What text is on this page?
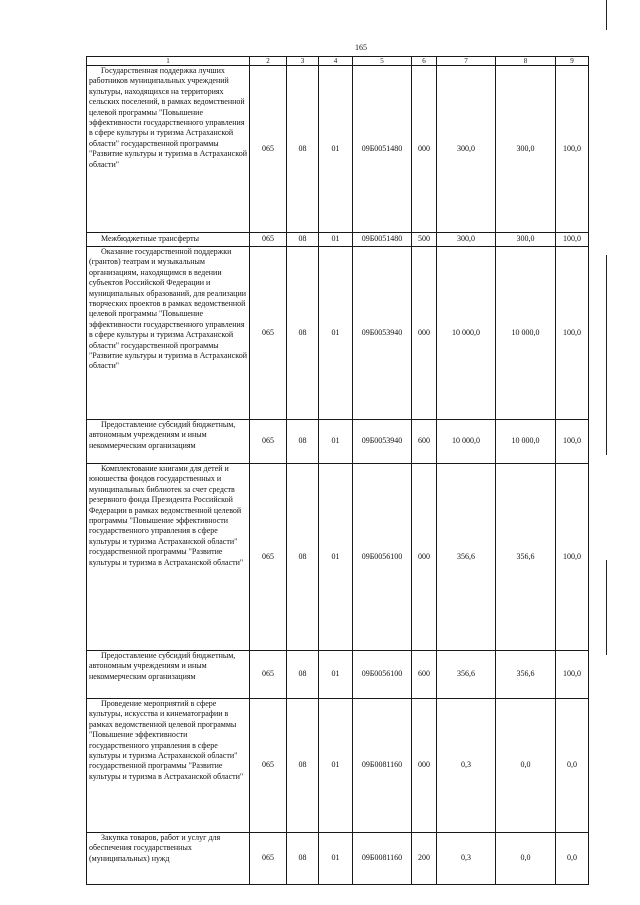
165
1	2	3	4	5	6	7	8	9
Государственная поддержка лучших работников муниципальных учреждений культуры, находящихся на территориях сельских поселений, в рамках ведомственной целевой программы "Повышение эффективности государственного управления в сфере культуры и туризма Астраханской области" государственной программы "Развитие культуры и туризма в Астраханской области"	065	08	01	09Б0051480	000	300,0	300,0	100,0
Межбюджетные трансферты	065	08	01	09Б0051480	500	300,0	300,0	100,0
Оказание государственной поддержки (грантов) театрам и музыкальным организациям, находящимся в ведении субъектов Российской Федерации и муниципальных образований, для реализации творческих проектов в рамках ведомственной целевой программы "Повышение эффективности государственного управления в сфере культуры и туризма Астраханской области" государственной программы "Развитие культуры и туризма в Астраханской области"	065	08	01	09Б0053940	000	10 000,0	10 000,0	100,0
Предоставление субсидий бюджетным, автономным учреждениям и иным некоммерческим организациям	065	08	01	09Б0053940	600	10 000,0	10 000,0	100,0
Комплектование книгами для детей и юношества фондов государственных и муниципальных библиотек за счет средств резервного фонда Президента Российской Федерации в рамках ведомственной целевой программы "Повышение эффективности государственного управления в сфере культуры и туризма Астраханской области" государственной программы "Развитие культуры и туризма в Астраханской области"	065	08	01	09Б0056100	000	356,6	356,6	100,0
Предоставление субсидий бюджетным, автономным учреждениям и иным некоммерческим организациям	065	08	01	09Б0056100	600	356,6	356,6	100,0
Проведение мероприятий в сфере культуры, искусства и кинематографии в рамках ведомственной целевой программы "Повышение эффективности государственного управления в сфере культуры и туризма Астраханской области" государственной программы "Развитие культуры и туризма в Астраханской области"	065	08	01	09Б0081160	000	0,3	0,0	0,0
Закупка товаров, работ и услуг для обеспечения государственных (муниципальных) нужд	065	08	01	09Б0081160	200	0,3	0,0	0,0
